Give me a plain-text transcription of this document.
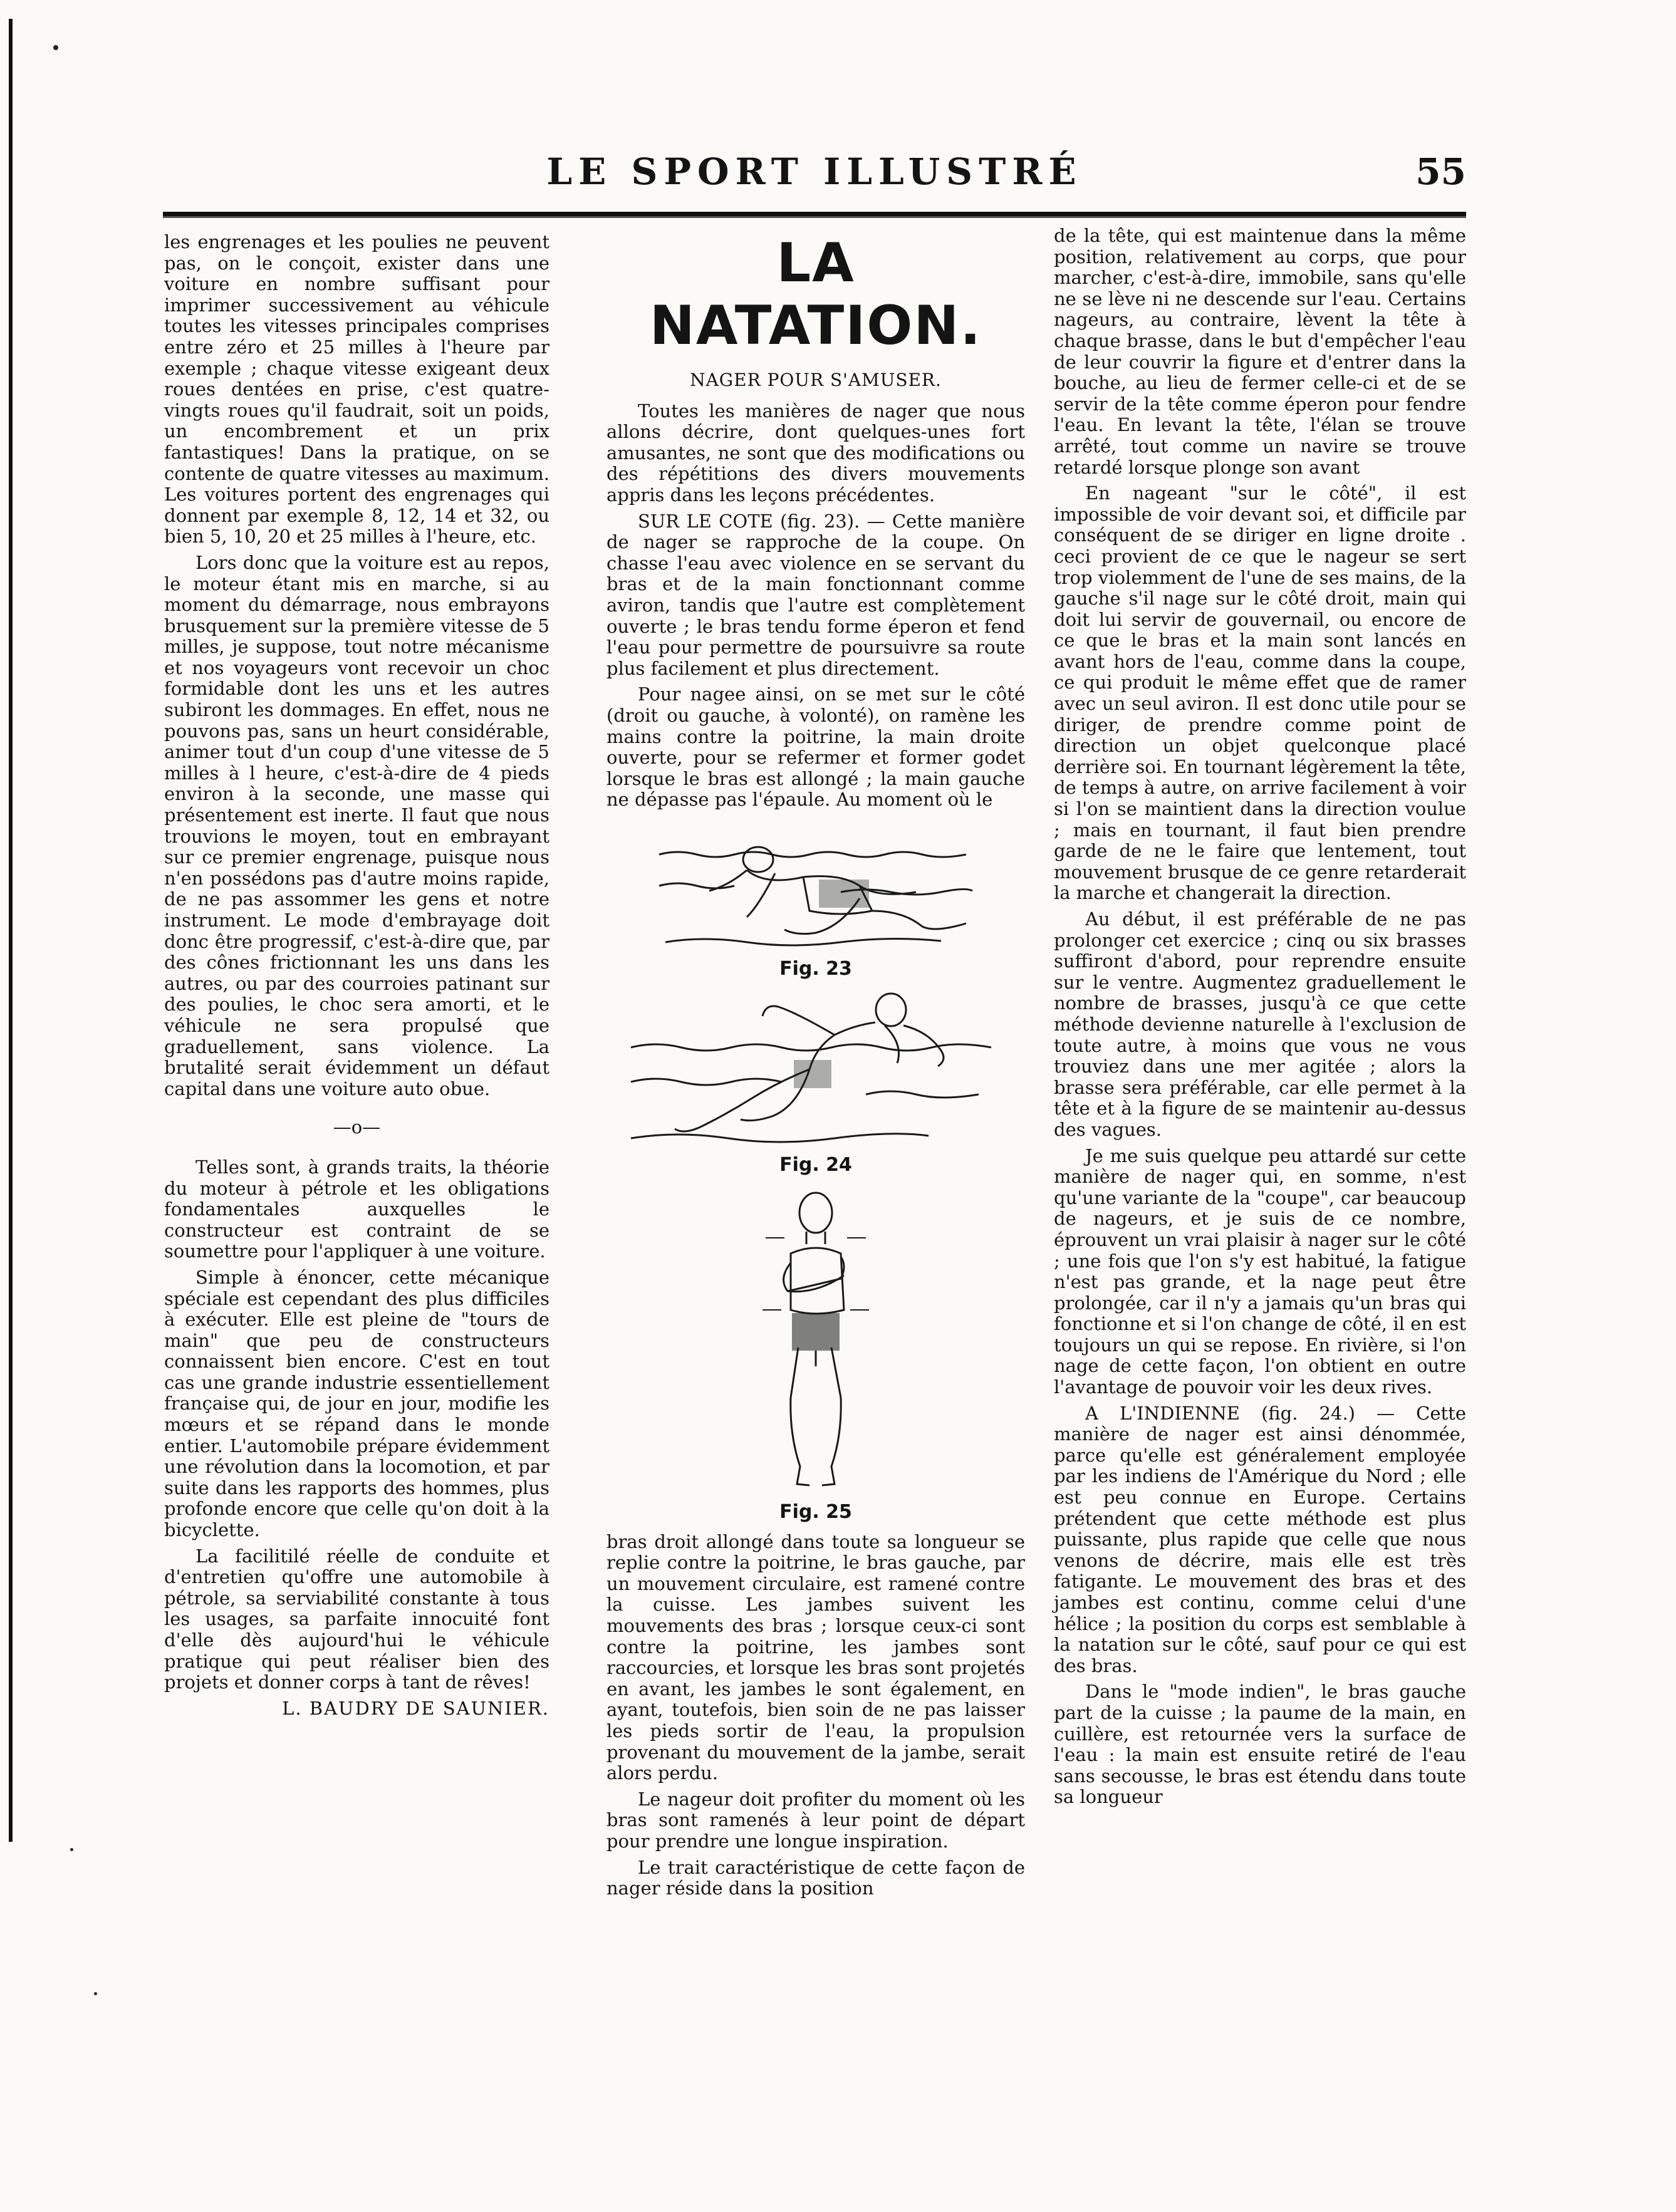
LE SPORT ILLUSTRÉ	55

les engrenages et les poulies ne peuvent pas, on le conçoit, exister dans une voiture en nombre suffisant pour imprimer successivement au véhicule toutes les vitesses principales comprises entre zéro et 25 milles à l'heure par exemple ; chaque vitesse exigeant deux roues dentées en prise, c'est quatre-vingts roues qu'il faudrait, soit un poids, un encombrement et un prix fantastiques! Dans la pratique, on se contente de quatre vitesses au maximum. Les voitures portent des engrenages qui donnent par exemple 8, 12, 14 et 32, ou bien 5, 10, 20 et 25 milles à l'heure, etc.

Lors donc que la voiture est au repos, le moteur étant mis en marche, si au moment du démarrage, nous embrayons brusquement sur la première vitesse de 5 milles, je suppose, tout notre mécanisme et nos voyageurs vont recevoir un choc formidable dont les uns et les autres subiront les dommages. En effet, nous ne pouvons pas, sans un heurt considérable, animer tout d'un coup d'une vitesse de 5 milles à l heure, c'est-à-dire de 4 pieds environ à la seconde, une masse qui présentement est inerte. Il faut que nous trouvions le moyen, tout en embrayant sur ce premier engrenage, puisque nous n'en possédons pas d'autre moins rapide, de ne pas assommer les gens et notre instrument. Le mode d'embrayage doit donc être progressif, c'est-à-dire que, par des cônes frictionnant les uns dans les autres, ou par des courroies patinant sur des poulies, le choc sera amorti, et le véhicule ne sera propulsé que graduellement, sans violence. La brutalité serait évidemment un défaut capital dans une voiture auto obue.

—o—

Telles sont, à grands traits, la théorie du moteur à pétrole et les obligations fondamentales auxquelles le constructeur est contraint de se soumettre pour l'appliquer à une voiture.

Simple à énoncer, cette mécanique spéciale est cependant des plus difficiles à exécuter. Elle est pleine de "tours de main" que peu de constructeurs connaissent bien encore. C'est en tout cas une grande industrie essentiellement française qui, de jour en jour, modifie les mœurs et se répand dans le monde entier. L'automobile prépare évidemment une révolution dans la locomotion, et par suite dans les rapports des hommes, plus profonde encore que celle qu'on doit à la bicyclette.

La facilitilé réelle de conduite et d'entretien qu'offre une automobile à pétrole, sa serviabilité constante à tous les usages, sa parfaite innocuité font d'elle dès aujourd'hui le véhicule pratique qui peut réaliser bien des projets et donner corps à tant de rêves!

L. BAUDRY DE SAUNIER.

LA NATATION.
NAGER POUR S'AMUSER.

Toutes les manières de nager que nous allons décrire, dont quelques-unes fort amusantes, ne sont que des modifications ou des répétitions des divers mouvements appris dans les leçons précédentes.

SUR LE COTE (fig. 23). — Cette manière de nager se rapproche de la coupe. On chasse l'eau avec violence en se servant du bras et de la main fonctionnant comme aviron, tandis que l'autre est complètement ouverte ; le bras tendu forme éperon et fend l'eau pour permettre de poursuivre sa route plus facilement et plus directement.

Pour nagee ainsi, on se met sur le côté (droit ou gauche, à volonté), on ramène les mains contre la poitrine, la main droite ouverte, pour se refermer et former godet lorsque le bras est allongé ; la main gauche ne dépasse pas l'épaule. Au moment où le

Fig. 23
Fig. 24
Fig. 25

bras droit allongé dans toute sa longueur se replie contre la poitrine, le bras gauche, par un mouvement circulaire, est ramené contre la cuisse. Les jambes suivent les mouvements des bras ; lorsque ceux-ci sont contre la poitrine, les jambes sont raccourcies, et lorsque les bras sont projetés en avant, les jambes le sont également, en ayant, toutefois, bien soin de ne pas laisser les pieds sortir de l'eau, la propulsion provenant du mouvement de la jambe, serait alors perdu.

Le nageur doit profiter du moment où les bras sont ramenés à leur point de départ pour prendre une longue inspiration.

Le trait caractéristique de cette façon de nager réside dans la position

de la tête, qui est maintenue dans la même position, relativement au corps, que pour marcher, c'est-à-dire, immobile, sans qu'elle ne se lève ni ne descende sur l'eau. Certains nageurs, au contraire, lèvent la tête à chaque brasse, dans le but d'empêcher l'eau de leur couvrir la figure et d'entrer dans la bouche, au lieu de fermer celle-ci et de se servir de la tête comme éperon pour fendre l'eau. En levant la tête, l'élan se trouve arrêté, tout comme un navire se trouve retardé lorsque plonge son avant

En nageant "sur le côté", il est impossible de voir devant soi, et difficile par conséquent de se diriger en ligne droite . ceci provient de ce que le nageur se sert trop violemment de l'une de ses mains, de la gauche s'il nage sur le côté droit, main qui doit lui servir de gouvernail, ou encore de ce que le bras et la main sont lancés en avant hors de l'eau, comme dans la coupe, ce qui produit le même effet que de ramer avec un seul aviron. Il est donc utile pour se diriger, de prendre comme point de direction un objet quelconque placé derrière soi. En tournant légèrement la tête, de temps à autre, on arrive facilement à voir si l'on se maintient dans la direction voulue ; mais en tournant, il faut bien prendre garde de ne le faire que lentement, tout mouvement brusque de ce genre retarderait la marche et changerait la direction.

Au début, il est préférable de ne pas prolonger cet exercice ; cinq ou six brasses suffiront d'abord, pour reprendre ensuite sur le ventre. Augmentez graduellement le nombre de brasses, jusqu'à ce que cette méthode devienne naturelle à l'exclusion de toute autre, à moins que vous ne vous trouviez dans une mer agitée ; alors la brasse sera préférable, car elle permet à la tête et à la figure de se maintenir au-dessus des vagues.

Je me suis quelque peu attardé sur cette manière de nager qui, en somme, n'est qu'une variante de la "coupe", car beaucoup de nageurs, et je suis de ce nombre, éprouvent un vrai plaisir à nager sur le côté ; une fois que l'on s'y est habitué, la fatigue n'est pas grande, et la nage peut être prolongée, car il n'y a jamais qu'un bras qui fonctionne et si l'on change de côté, il en est toujours un qui se repose. En rivière, si l'on nage de cette façon, l'on obtient en outre l'avantage de pouvoir voir les deux rives.

A L'INDIENNE (fig. 24.) — Cette manière de nager est ainsi dénommée, parce qu'elle est généralement employée par les indiens de l'Amérique du Nord ; elle est peu connue en Europe. Certains prétendent que cette méthode est plus puissante, plus rapide que celle que nous venons de décrire, mais elle est très fatigante. Le mouvement des bras et des jambes est continu, comme celui d'une hélice ; la position du corps est semblable à la natation sur le côté, sauf pour ce qui est des bras.

Dans le "mode indien", le bras gauche part de la cuisse ; la paume de la main, en cuillère, est retournée vers la surface de l'eau : la main est ensuite retiré de l'eau sans secousse, le bras est étendu dans toute sa longueur
